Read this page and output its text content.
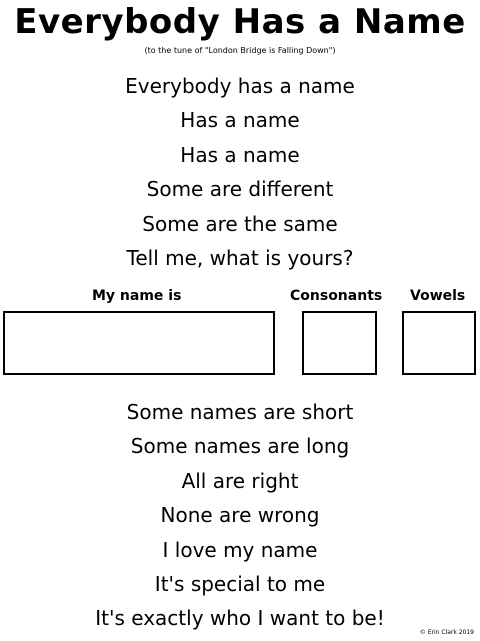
Everybody Has a Name
(to the tune of "London Bridge is Falling Down")
Everybody has a name
Has a name
Has a name
Some are different
Some are the same
Tell me, what is yours?
My name is	Consonants Vowels
Some names are short
Some names are long
All are right
None are wrong
I love my name
It's special to me
It's exactly who I want to be!
© Erin Clark 2019
